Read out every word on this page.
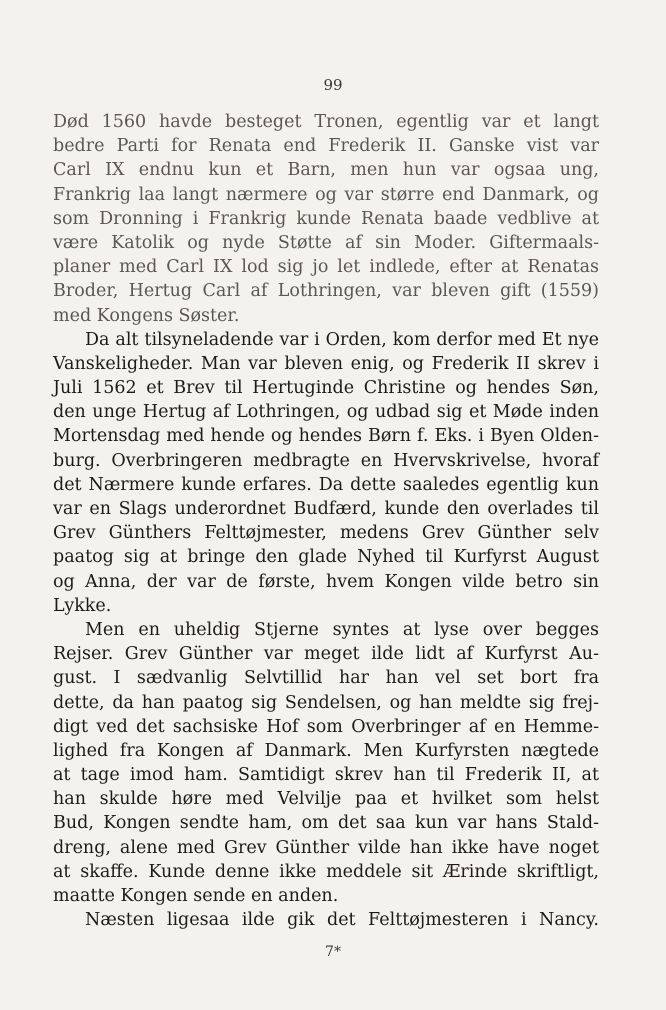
99
Død 1560 havde besteget Tronen, egentlig var et langt
bedre Parti for Renata end Frederik II. Ganske vist var
Carl IX endnu kun et Barn, men hun var ogsaa ung,
Frankrig laa langt nærmere og var større end Danmark, og
som Dronning i Frankrig kunde Renata baade vedblive at
være Katolik og nyde Støtte af sin Moder. Giftermaals-
planer med Carl IX lod sig jo let indlede, efter at Renatas
Broder, Hertug Carl af Lothringen, var bleven gift (1559)
med Kongens Søster.
Da alt tilsyneladende var i Orden, kom derfor med Et nye
Vanskeligheder. Man var bleven enig, og Frederik II skrev i
Juli 1562 et Brev til Hertuginde Christine og hendes Søn,
den unge Hertug af Lothringen, og udbad sig et Møde inden
Mortensdag med hende og hendes Børn f. Eks. i Byen Olden-
burg. Overbringeren medbragte en Hvervskrivelse, hvoraf
det Nærmere kunde erfares. Da dette saaledes egentlig kun
var en Slags underordnet Budfærd, kunde den overlades til
Grev Günthers Felttøjmester, medens Grev Günther selv
paatog sig at bringe den glade Nyhed til Kurfyrst August
og Anna, der var de første, hvem Kongen vilde betro sin
Lykke.
Men en uheldig Stjerne syntes at lyse over begges
Rejser. Grev Günther var meget ilde lidt af Kurfyrst Au-
gust. I sædvanlig Selvtillid har han vel set bort fra
dette, da han paatog sig Sendelsen, og han meldte sig frej-
digt ved det sachsiske Hof som Overbringer af en Hemme-
lighed fra Kongen af Danmark. Men Kurfyrsten nægtede
at tage imod ham. Samtidigt skrev han til Frederik II, at
han skulde høre med Velvilje paa et hvilket som helst
Bud, Kongen sendte ham, om det saa kun var hans Stald-
dreng, alene med Grev Günther vilde han ikke have noget
at skaffe. Kunde denne ikke meddele sit Ærinde skriftligt,
maatte Kongen sende en anden.
Næsten ligesaa ilde gik det Felttøjmesteren i Nancy.
7*
